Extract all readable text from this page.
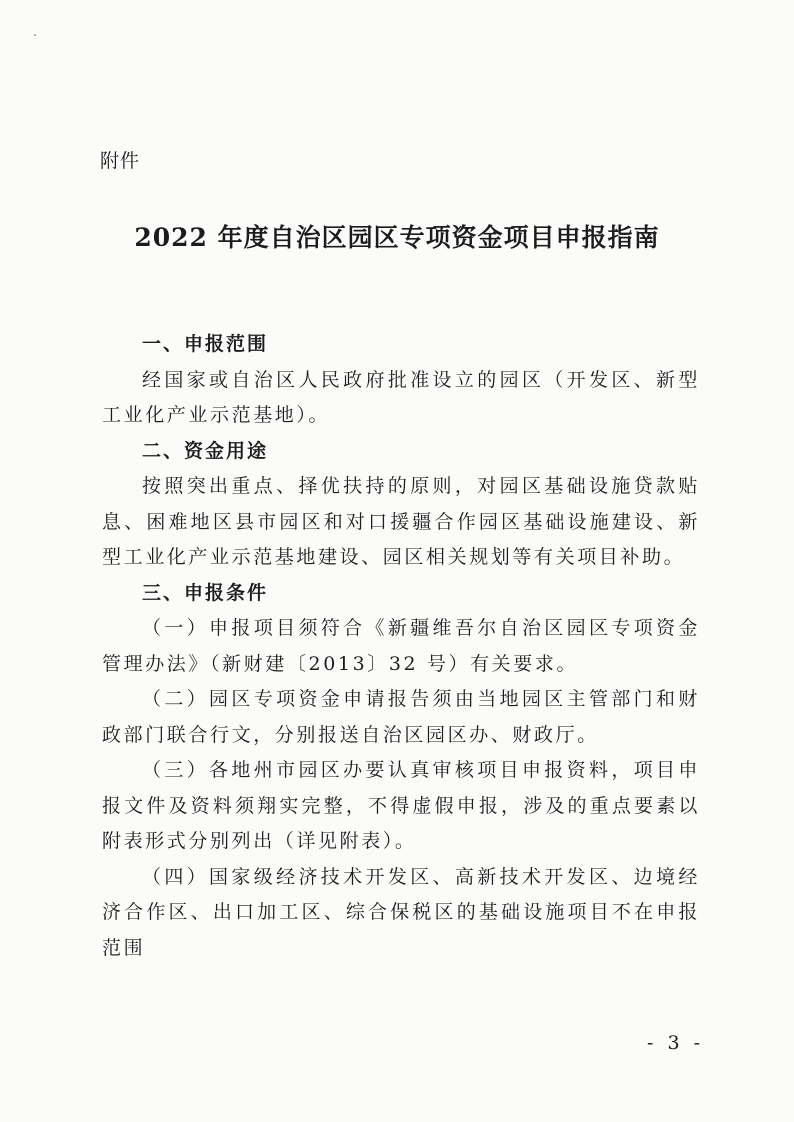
附件
2022 年度自治区园区专项资金项目申报指南
一、申报范围

经国家或自治区人民政府批准设立的园区（开发区、新型工业化产业示范基地）。

二、资金用途

按照突出重点、择优扶持的原则，对园区基础设施贷款贴息、困难地区县市园区和对口援疆合作园区基础设施建设、新型工业化产业示范基地建设、园区相关规划等有关项目补助。

三、申报条件

（一）申报项目须符合《新疆维吾尔自治区园区专项资金管理办法》（新财建〔2013〕32 号）有关要求。

（二）园区专项资金申请报告须由当地园区主管部门和财政部门联合行文，分别报送自治区园区办、财政厅。

（三）各地州市园区办要认真审核项目申报资料，项目申报文件及资料须翔实完整，不得虚假申报，涉及的重点要素以附表形式分别列出（详见附表）。

（四）国家级经济技术开发区、高新技术开发区、边境经济合作区、出口加工区、综合保税区的基础设施项目不在申报范围

- 3 -
